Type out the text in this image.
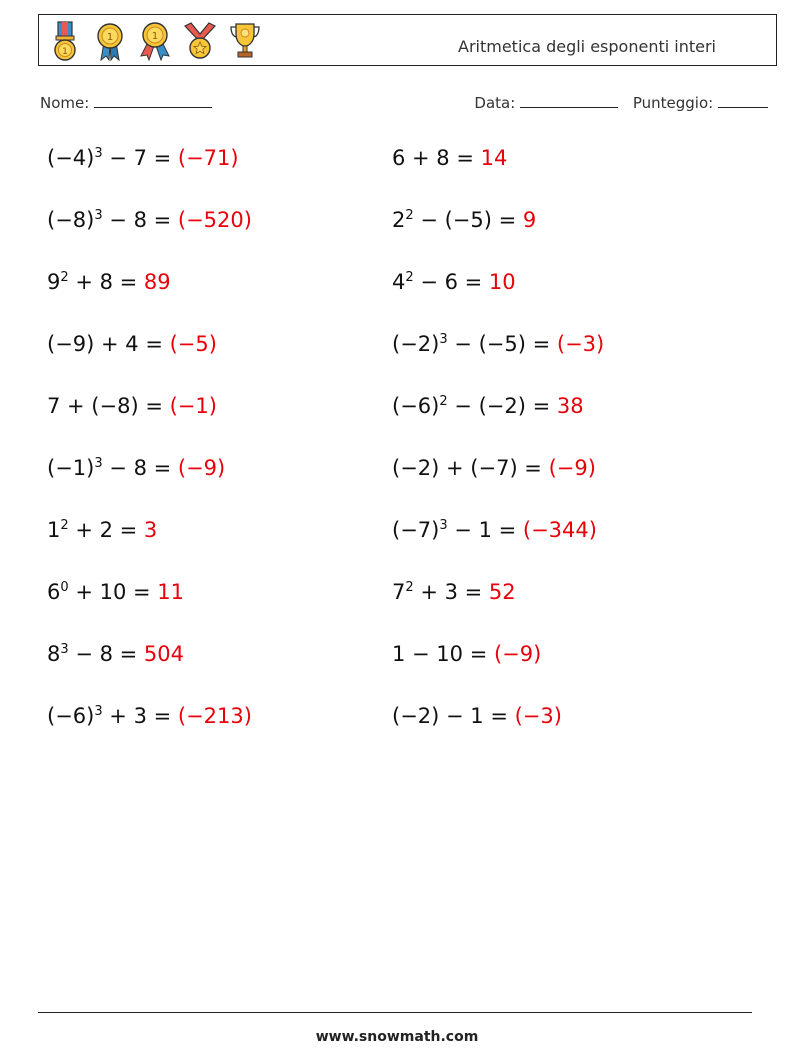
1
1	1
Aritmetica degli esponenti interi
Nome:	Data:	Punteggio:
$(-4)^3 - 7 = (-71)$
$(-8)^3 - 8 = (-520)$
$9^2 + 8 = 89$
(−9) + 4 = (−5)
7 + (−8) = (−1)
$(-1)^3 - 8 = (-9)$
$1^2 + 2 = 3$
$6^0 + 10 = 11$
$8^3 - 8 = 504$
$(-6)^3 + 3 = (-213)$
6 + 8 = 14
$2^2 - (-5) = 9$
$4^2 - 6 = 10$
$(-2)^3 - (-5) = (-3)$
$(-6)^2 - (-2) = 38$
(−2) + (−7) = (−9)
$(-7)^3 - 1 = (-344)$
$7^2 + 3 = 52$
1 − 10 = (−9)
(−2) − 1 = (−3)
www.snowmath.com
